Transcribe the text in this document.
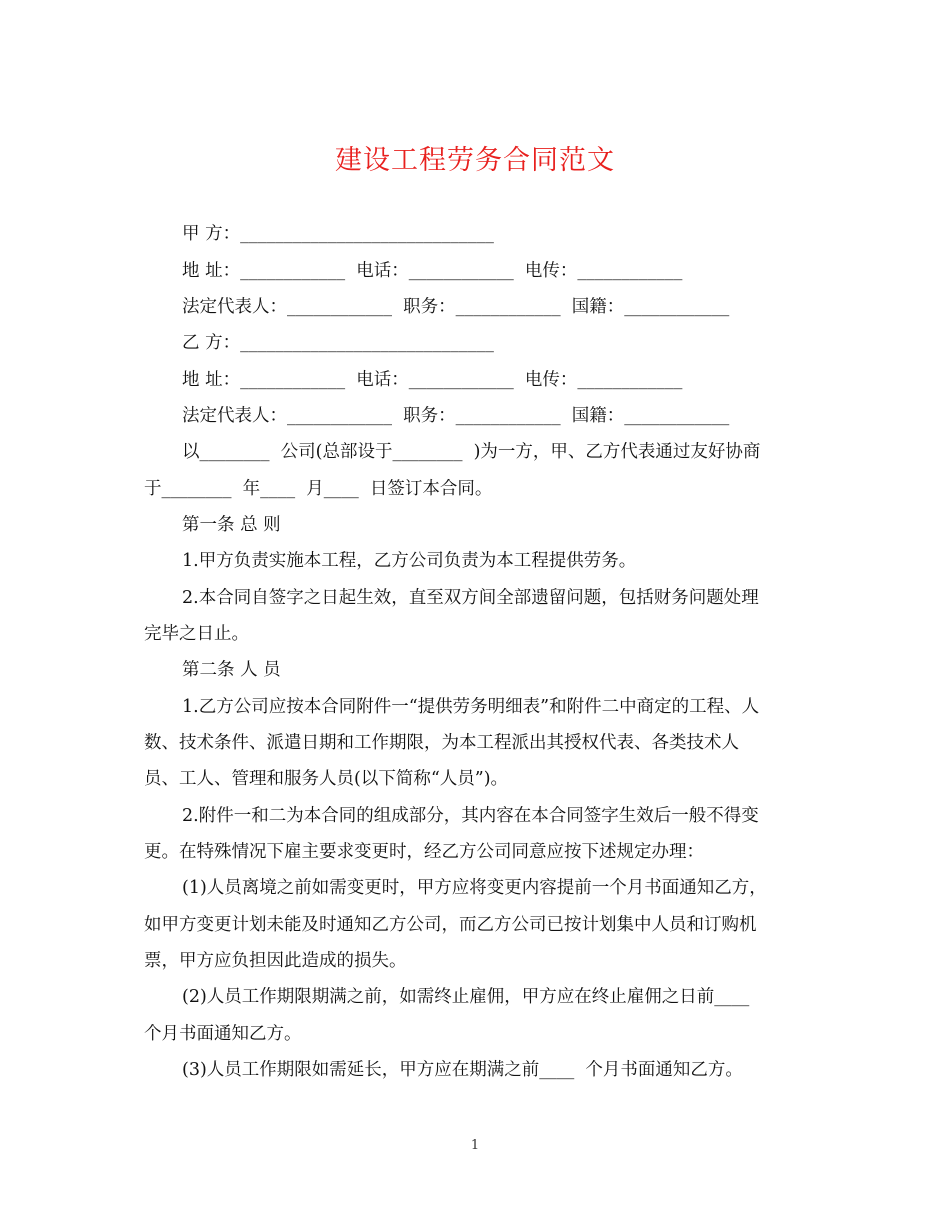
建设工程劳务合同范文
甲 方：_____________________________
地 址：____________  电话：____________  电传：____________
法定代表人：____________  职务：____________  国籍：____________
乙 方：_____________________________
地 址：____________  电话：____________  电传：____________
法定代表人：____________  职务：____________  国籍：____________
以________  公司(总部设于________  )为一方，甲、乙方代表通过友好协商
于________  年____  月____  日签订本合同。
第一条 总 则
1.甲方负责实施本工程，乙方公司负责为本工程提供劳务。
2.本合同自签字之日起生效，直至双方间全部遗留问题，包括财务问题处理
完毕之日止。
第二条 人 员
1.乙方公司应按本合同附件一“提供劳务明细表”和附件二中商定的工程、人
数、技术条件、派遣日期和工作期限，为本工程派出其授权代表、各类技术人
员、工人、管理和服务人员(以下简称“人员”)。
2.附件一和二为本合同的组成部分，其内容在本合同签字生效后一般不得变
更。在特殊情况下雇主要求变更时，经乙方公司同意应按下述规定办理：
(1)人员离境之前如需变更时，甲方应将变更内容提前一个月书面通知乙方，
如甲方变更计划未能及时通知乙方公司，而乙方公司已按计划集中人员和订购机
票，甲方应负担因此造成的损失。
(2)人员工作期限期满之前，如需终止雇佣，甲方应在终止雇佣之日前____
个月书面通知乙方。
(3)人员工作期限如需延长，甲方应在期满之前____  个月书面通知乙方。
1
